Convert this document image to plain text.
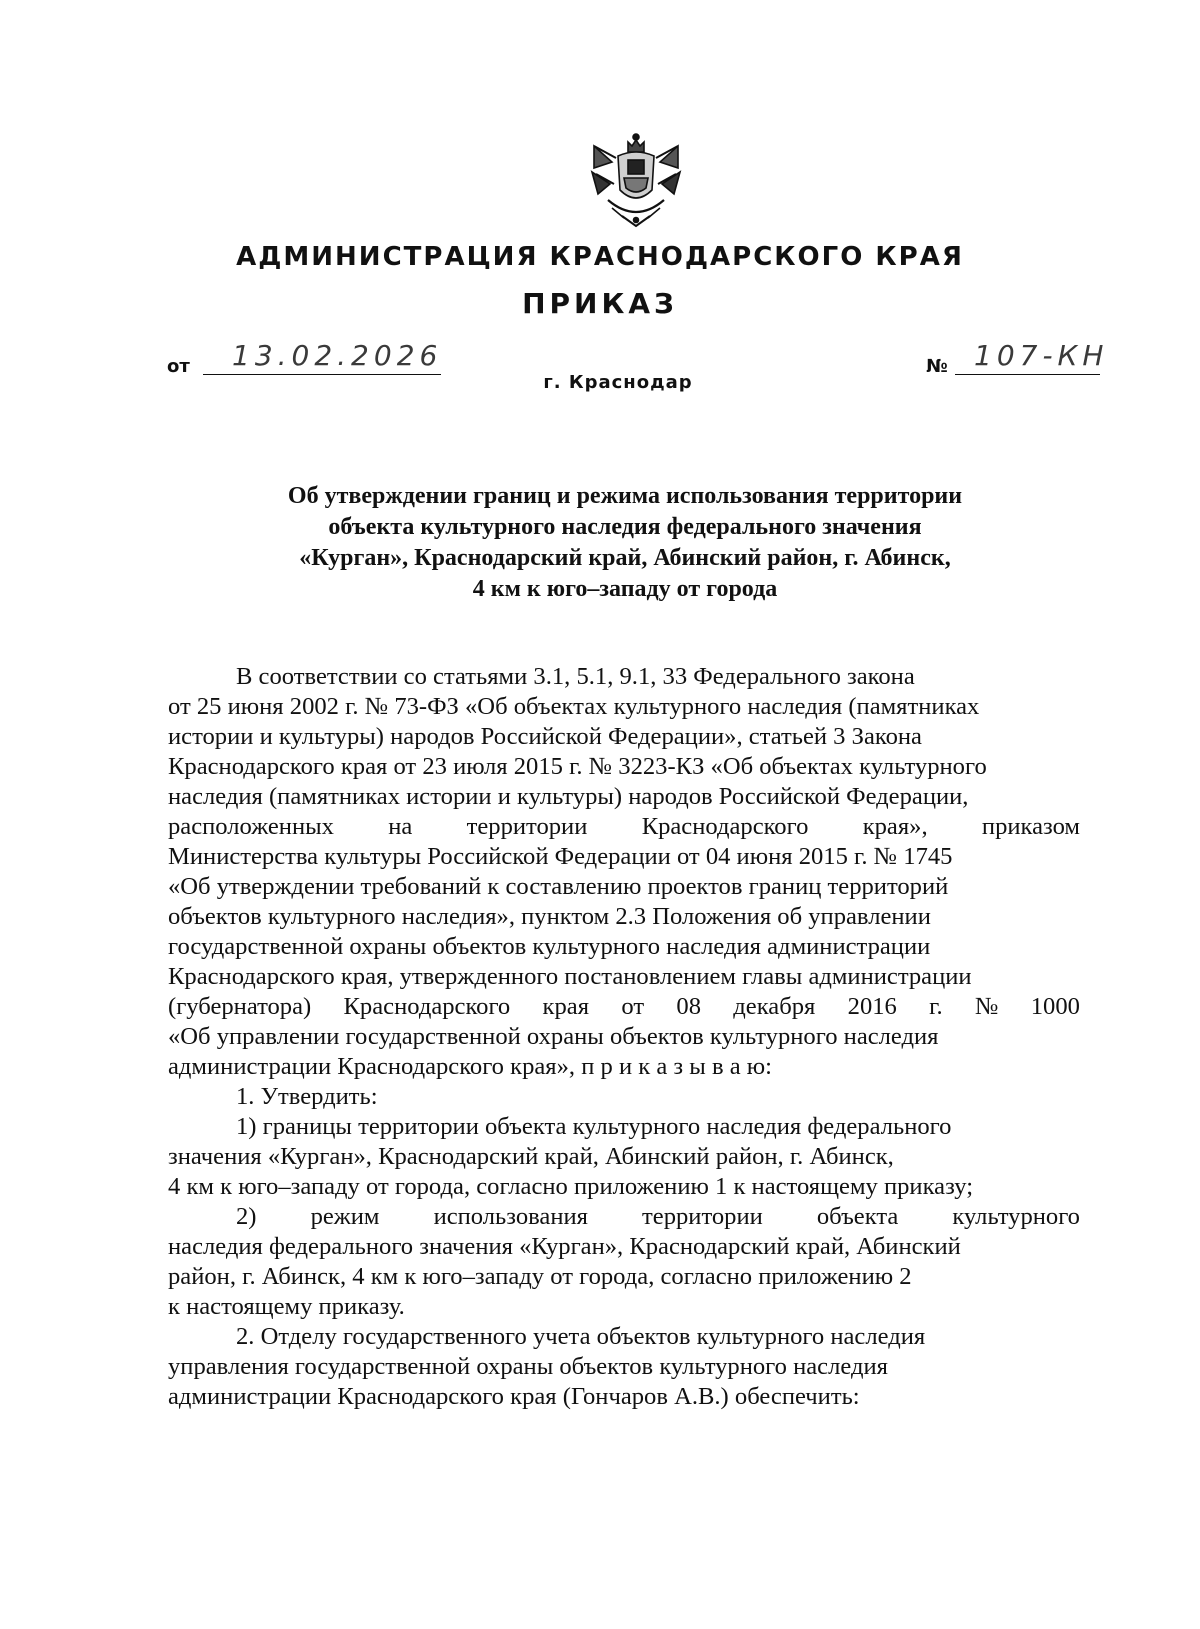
АДМИНИСТРАЦИЯ КРАСНОДАРСКОГО КРАЯ
ПРИКАЗ
от 13.02.2026	№ 107-КН
г. Краснодар
Об утверждении границ и режима использования территории
объекта культурного наследия федерального значения
«Курган», Краснодарский край, Абинский район, г. Абинск,
4 км к юго–западу от города
В соответствии со статьями 3.1, 5.1, 9.1, 33 Федерального закона
от 25 июня 2002 г. № 73-ФЗ «Об объектах культурного наследия (памятниках
истории и культуры) народов Российской Федерации», статьей 3 Закона
Краснодарского края от 23 июля 2015 г. № 3223-КЗ «Об объектах культурного
наследия (памятниках истории и культуры) народов Российской Федерации,
расположенных на территории Краснодарского края», приказом
Министерства культуры Российской Федерации от 04 июня 2015 г. № 1745
«Об утверждении требований к составлению проектов границ территорий
объектов культурного наследия», пунктом 2.3 Положения об управлении
государственной охраны объектов культурного наследия администрации
Краснодарского края, утвержденного постановлением главы администрации
(губернатора) Краснодарского края от 08 декабря 2016 г. № 1000
«Об управлении государственной охраны объектов культурного наследия
администрации Краснодарского края», п р и к а з ы в а ю:
1. Утвердить:
1) границы территории объекта культурного наследия федерального
значения «Курган», Краснодарский край, Абинский район, г. Абинск,
4 км к юго–западу от города, согласно приложению 1 к настоящему приказу;
2) режим использования территории объекта культурного
наследия федерального значения «Курган», Краснодарский край, Абинский
район, г. Абинск, 4 км к юго–западу от города, согласно приложению 2
к настоящему приказу.
2. Отделу государственного учета объектов культурного наследия
управления государственной охраны объектов культурного наследия
администрации Краснодарского края (Гончаров А.В.) обеспечить:
